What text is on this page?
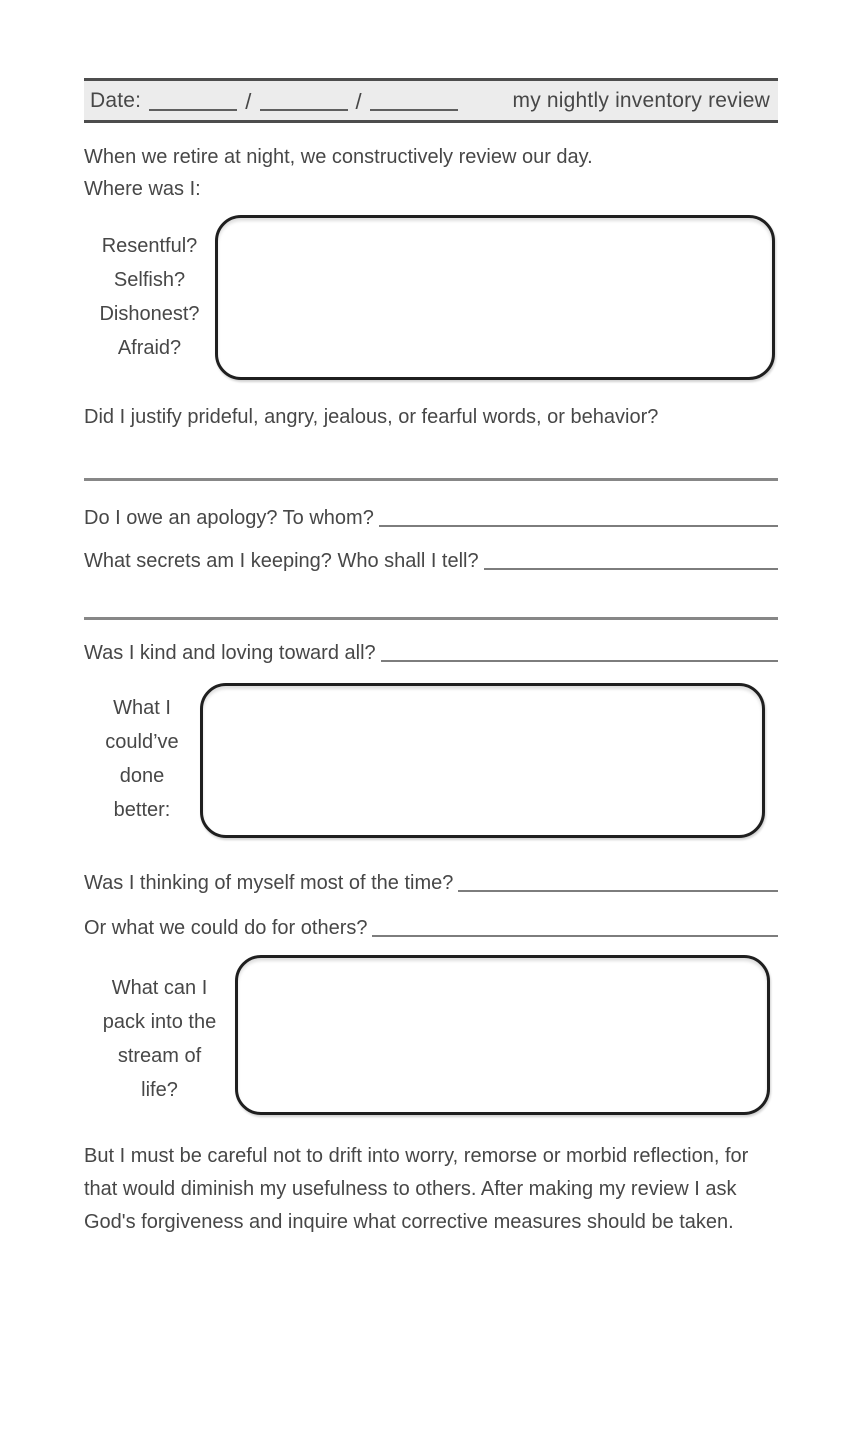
Date:	/	/	my nightly inventory review
When we retire at night, we constructively review our day.
Where was I:
Resentful?
Selfish?
Dishonest?
Afraid?
Did I justify prideful, angry, jealous, or fearful words, or behavior?
Do I owe an apology? To whom?
What secrets am I keeping? Who shall I tell?
Was I kind and loving toward all?
What I
could’ve
done
better:
Was I thinking of myself most of the time?
Or what we could do for others?
What can I
pack into the
stream of
life?

But I must be careful not to drift into worry, remorse or morbid reflection, for that would diminish my usefulness to others. After making my review I ask God's forgiveness and inquire what corrective measures should be taken.
